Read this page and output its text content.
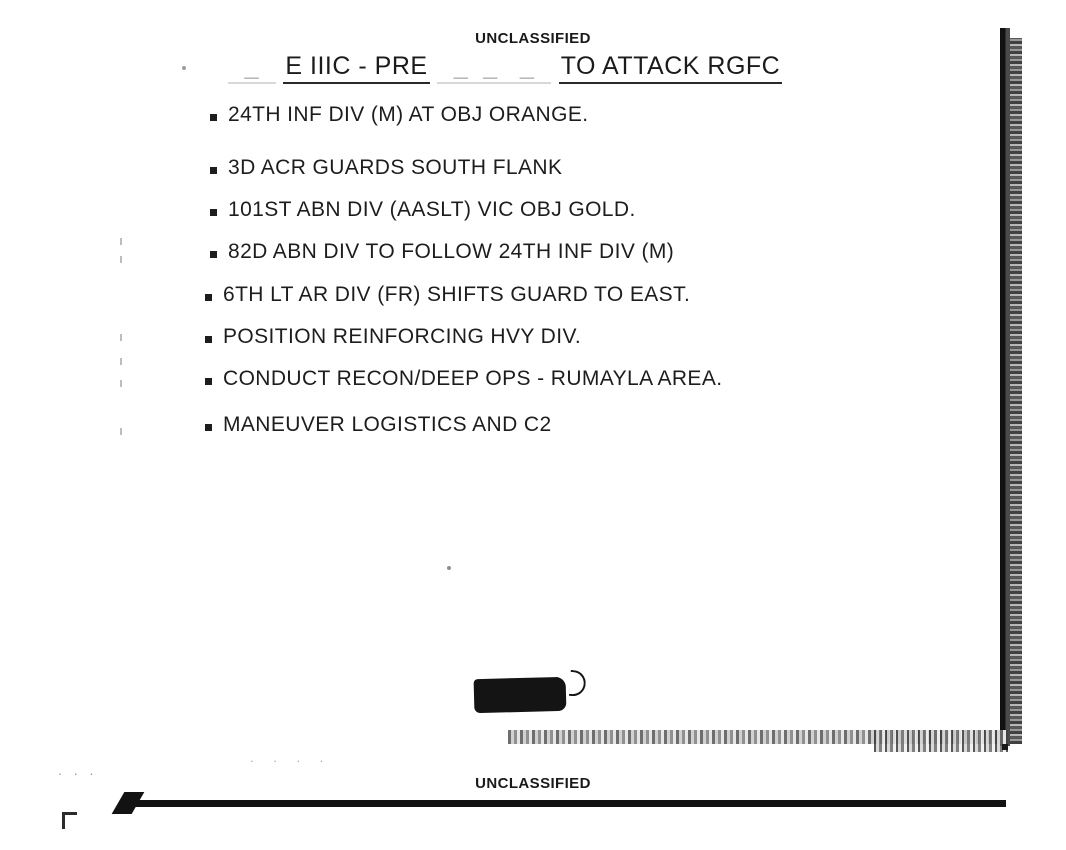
UNCLASSIFIED
_   E IIIC - PRE   _  _   _   TO ATTACK RGFC
24TH INF DIV (M) AT OBJ ORANGE.
3D ACR GUARDS SOUTH FLANK
101ST ABN DIV (AASLT) VIC OBJ GOLD.
82D ABN DIV TO FOLLOW 24TH INF DIV (M)
6TH LT AR DIV (FR) SHIFTS GUARD TO EAST.
POSITION REINFORCING HVY DIV.
CONDUCT RECON/DEEP OPS - RUMAYLA AREA.
MANEUVER LOGISTICS AND C2
. . . .
. . .
UNCLASSIFIED
